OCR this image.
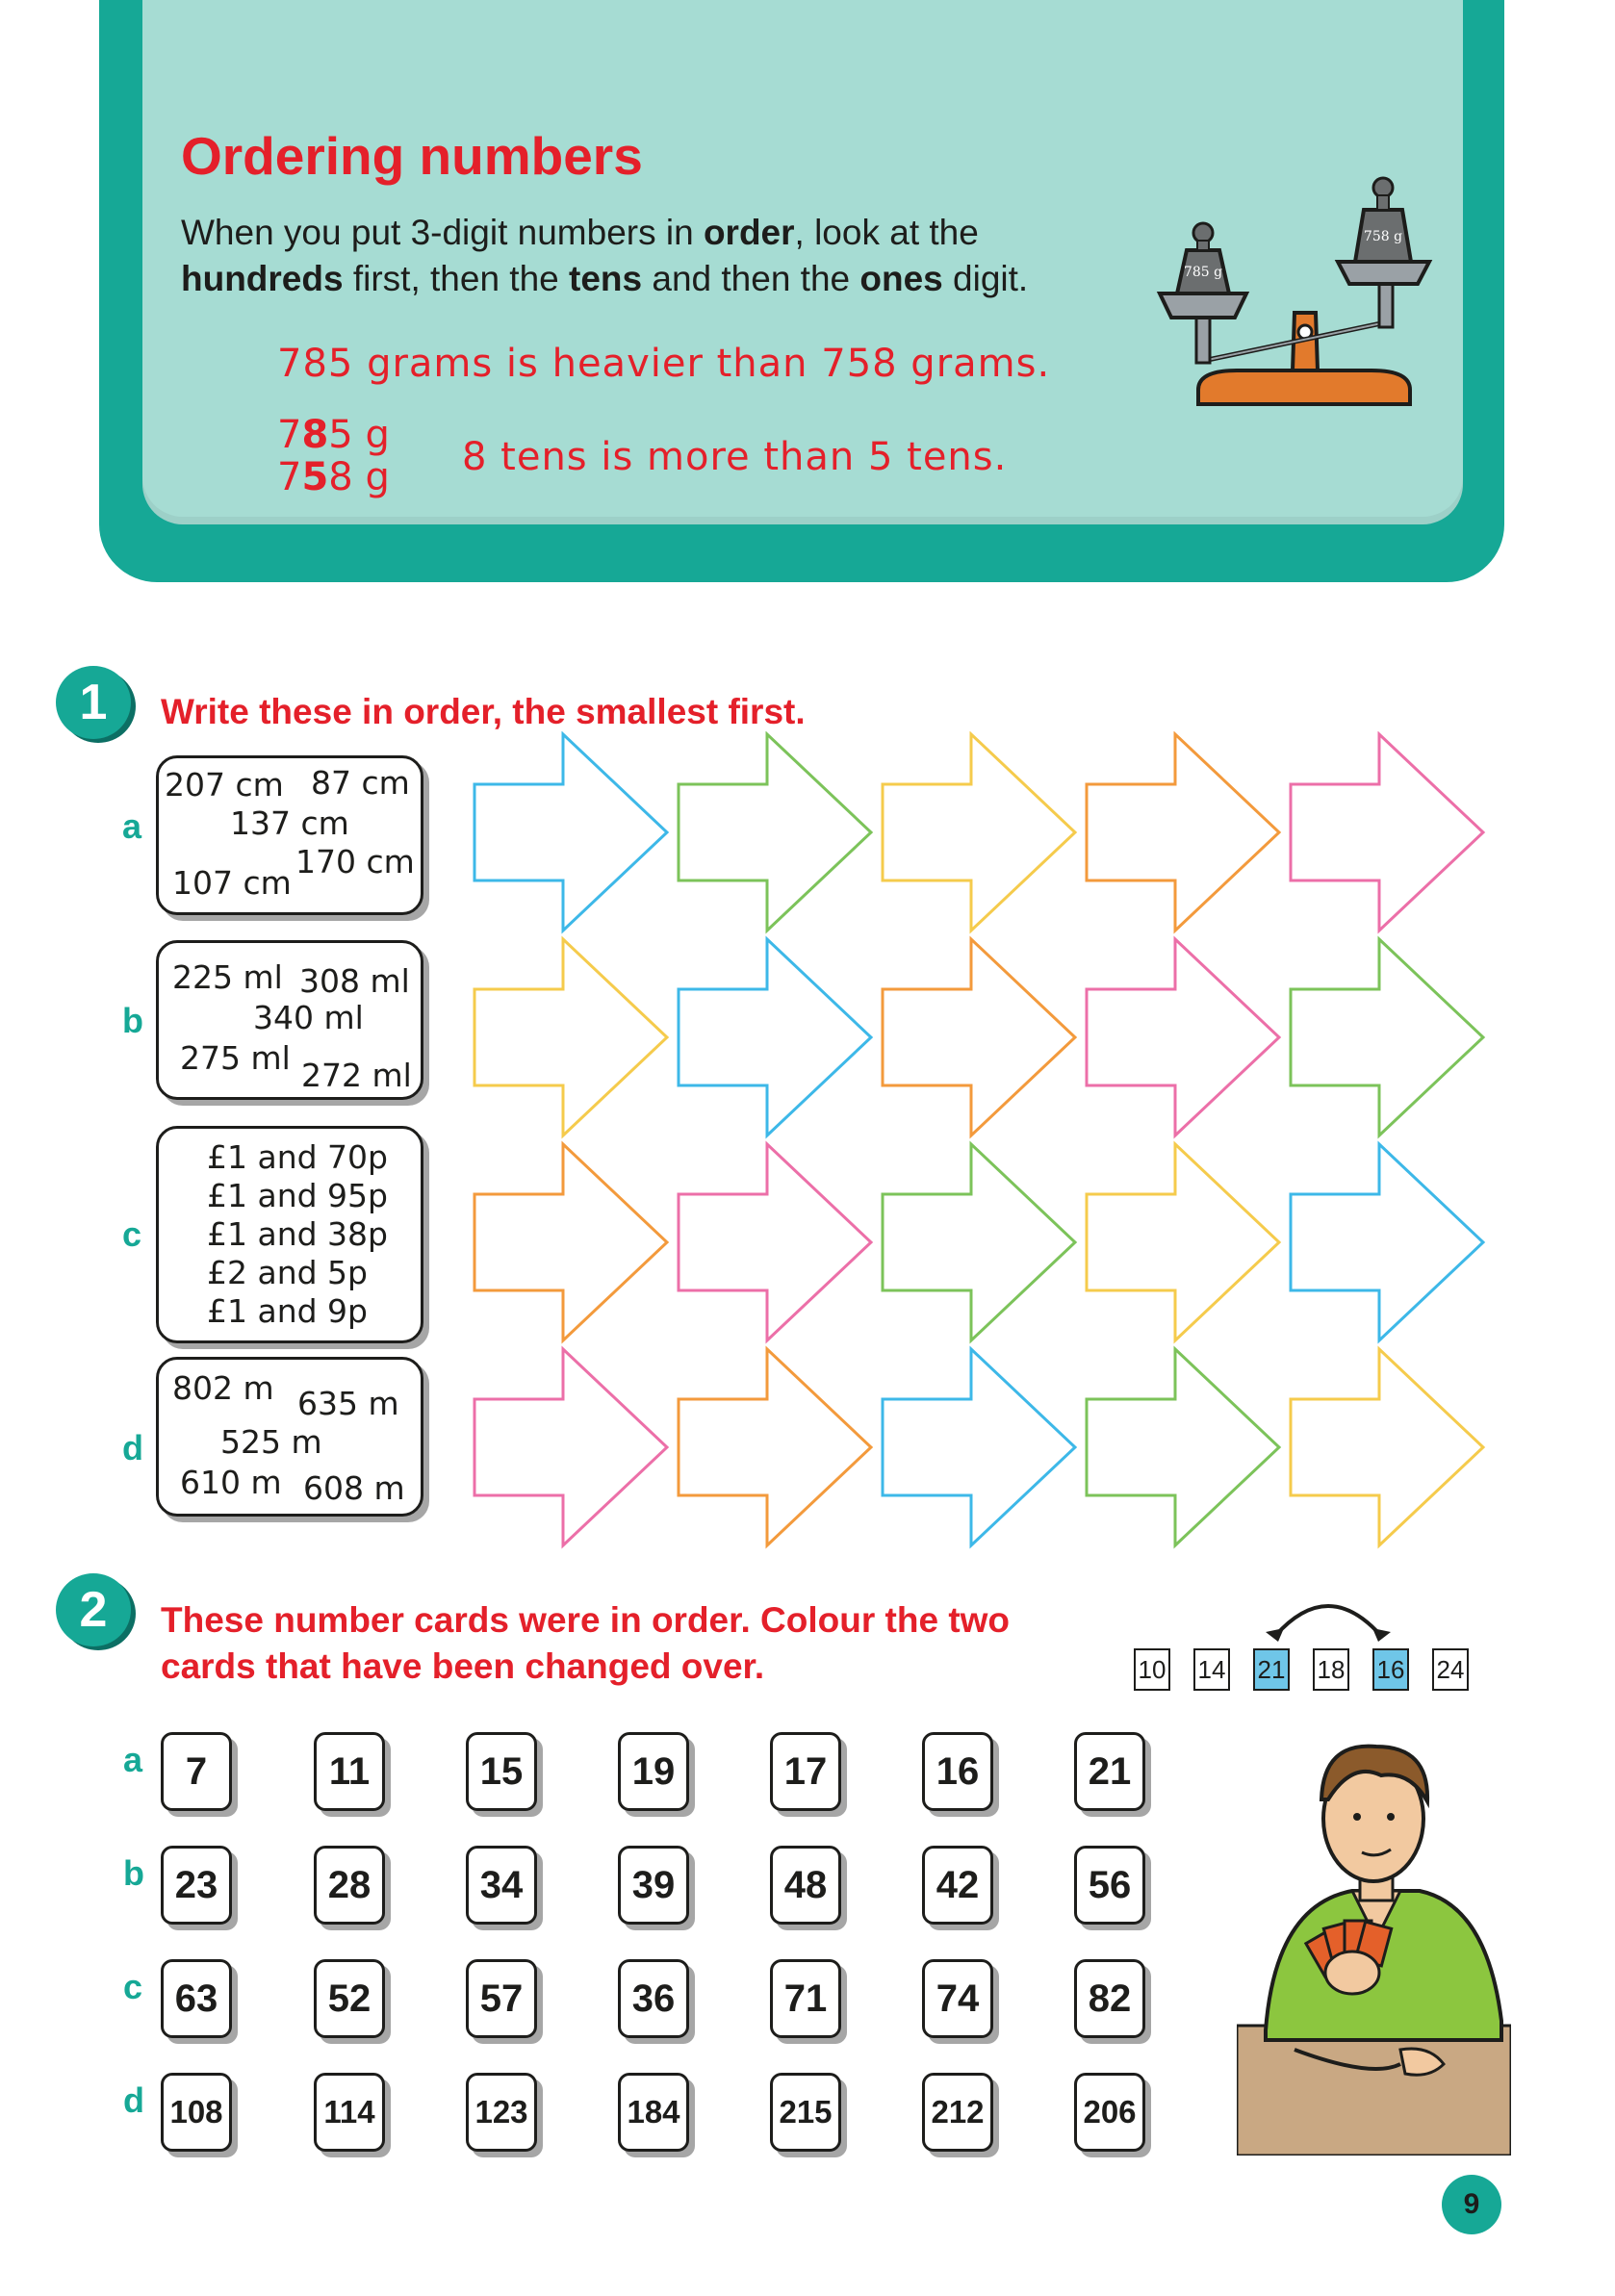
Ordering numbers

When you put 3-digit numbers in order, look at the hundreds first, then the tens and then the ones digit.

785 grams is heavier than 758 grams.
785 g
758 g 8 tens is more than 5 tens.
785 g
758 g
1	Write these in order, the smallest first.
a
b
c
d
207 cm 87 cm
137 cm
170 cm
107 cm
225 ml 308 ml
340 ml
275 ml 272 ml
£1 and 70p
£1 and 95p
£1 and 38p
£2 and 5p
£1 and 9p
802 m 635 m
525 m
610 m 608 m
2	These number cards were in order. Colour the two
cards that have been changed over.	10 14 21 18 16 24
a
b
c
d
7	11	15	19	17	16	21
23	28	34	39	48	42	56
63	52	57	36	71	74	82
108	114	123	184	215	212	206
9
